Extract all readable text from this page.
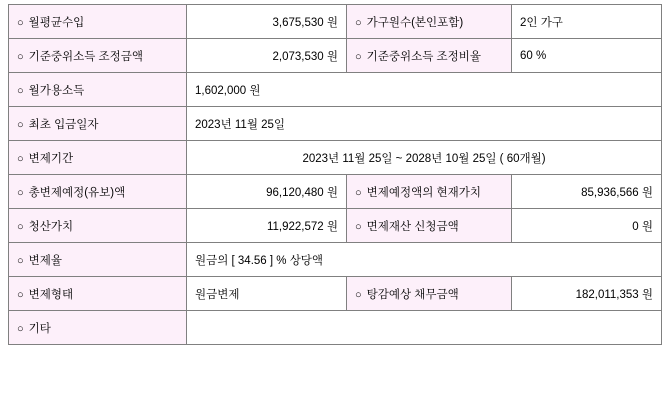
○ 월평균수입	3,675,530 원	○ 가구원수(본인포함)	2인 가구
○ 기준중위소득 조정금액	2,073,530 원	○ 기준중위소득 조정비율	60 %
○ 월가용소득	1,602,000 원		
○ 최초 입금일자	2023년 11월 25일		
○ 변제기간	2023년 11월 25일 ~ 2028년 10월 25일 ( 60개월)		
○ 총변제예정(유보)액	96,120,480 원	○ 변제예정액의 현재가치	85,936,566 원
○ 청산가치	11,922,572 원	○ 면제재산 신청금액	0 원
○ 변제율	원금의 [ 34.56 ] % 상당액		
○ 변제형태	원금변제	○ 탕감예상 채무금액	182,011,353 원
○ 기타			
